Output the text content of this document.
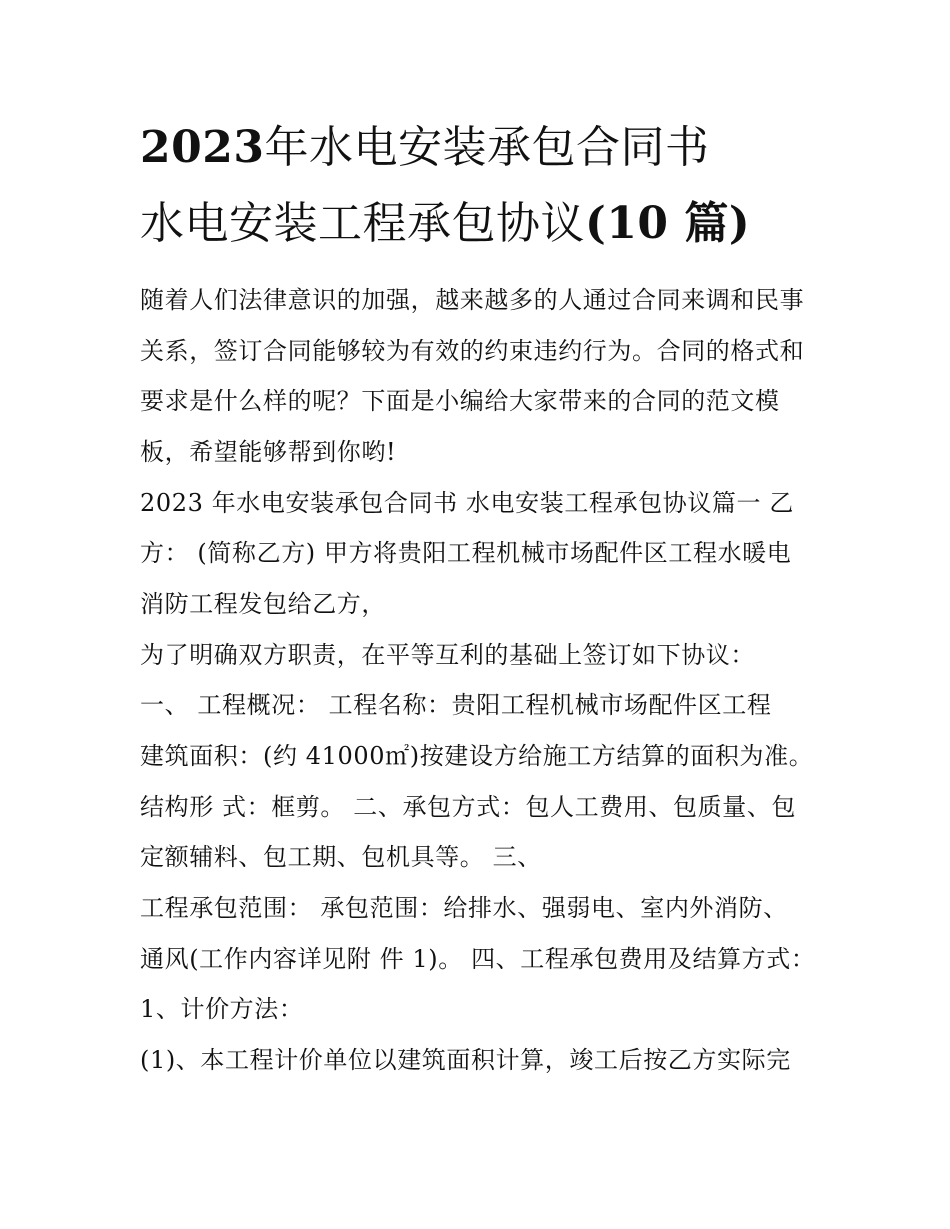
2023年水电安装承包合同书
水电安装工程承包协议(10 篇)
随着人们法律意识的加强，越来越多的人通过合同来调和民事
关系，签订合同能够较为有效的约束违约行为。合同的格式和
要求是什么样的呢？下面是小编给大家带来的合同的范文模
板，希望能够帮到你哟!
2023 年水电安装承包合同书 水电安装工程承包协议篇一 乙
方： (简称乙方) 甲方将贵阳工程机械市场配件区工程水暖电
消防工程发包给乙方，
为了明确双方职责，在平等互利的基础上签订如下协议：
一、 工程概况： 工程名称：贵阳工程机械市场配件区工程
建筑面积：(约 41000㎡)按建设方给施工方结算的面积为准。
结构形 式：框剪。 二、承包方式：包人工费用、包质量、包
定额辅料、包工期、包机具等。 三、
工程承包范围： 承包范围：给排水、强弱电、室内外消防、
通风(工作内容详见附 件 1)。 四、工程承包费用及结算方式：
1、计价方法：
(1)、本工程计价单位以建筑面积计算，竣工后按乙方实际完
